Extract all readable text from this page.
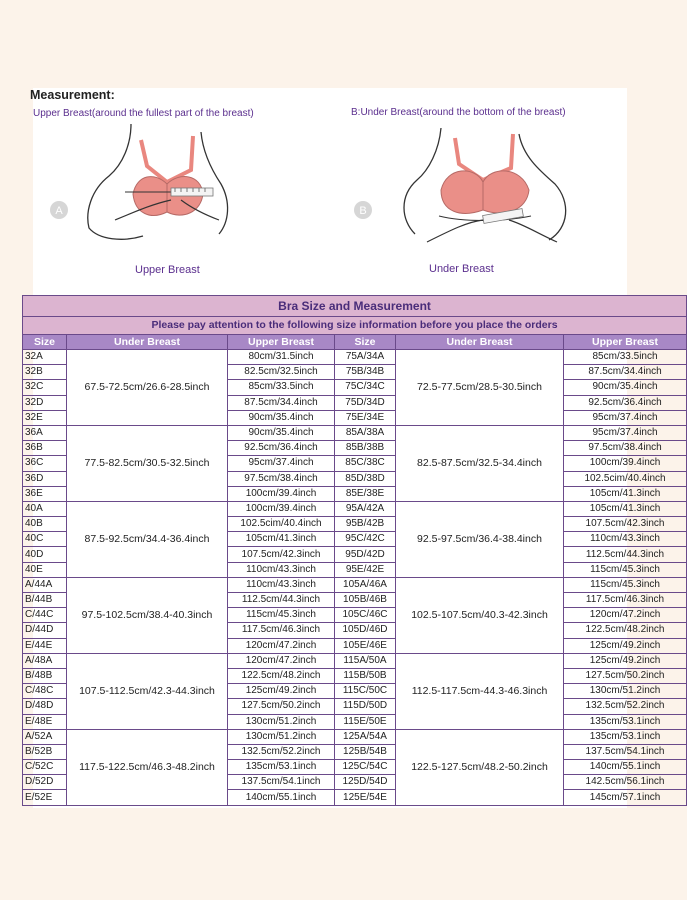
Measurement:
Upper Breast(around the fullest part of the breast)	B:Under Breast(around the bottom of the breast)
A	B
Upper Breast	Under Breast
Bra Size and Measurement					
Please pay attention to the following size information before you place the orders					
Size	Under Breast	Upper Breast	Size	Under Breast	Upper Breast
32A	67.5-72.5cm/26.6-28.5inch	80cm/31.5inch	75A/34A	72.5-77.5cm/28.5-30.5inch	85cm/33.5inch
32B		82.5cm/32.5inch	75B/34B		87.5cm/34.4inch
32C		85cm/33.5inch	75C/34C		90cm/35.4inch
32D		87.5cm/34.4inch	75D/34D		92.5cm/36.4inch
32E		90cm/35.4inch	75E/34E		95cm/37.4inch
36A	77.5-82.5cm/30.5-32.5inch	90cm/35.4inch	85A/38A	82.5-87.5cm/32.5-34.4inch	95cm/37.4inch
36B		92.5cm/36.4inch	85B/38B		97.5cm/38.4inch
36C		95cm/37.4inch	85C/38C		100cm/39.4inch
36D		97.5cm/38.4inch	85D/38D		102.5cim/40.4inch
36E		100cm/39.4inch	85E/38E		105cm/41.3inch
40A	87.5-92.5cm/34.4-36.4inch	100cm/39.4inch	95A/42A	92.5-97.5cm/36.4-38.4inch	105cm/41.3inch
40B		102.5cim/40.4inch	95B/42B		107.5cm/42.3inch
40C		105cm/41.3inch	95C/42C		110cm/43.3inch
40D		107.5cm/42.3inch	95D/42D		112.5cm/44.3inch
40E		110cm/43.3inch	95E/42E		115cm/45.3inch
A/44A	97.5-102.5cm/38.4-40.3inch	110cm/43.3inch	105A/46A	102.5-107.5cm/40.3-42.3inch	115cm/45.3inch
B/44B		112.5cm/44.3inch	105B/46B		117.5cm/46.3inch
C/44C		115cm/45.3inch	105C/46C		120cm/47.2inch
D/44D		117.5cm/46.3inch	105D/46D		122.5cm/48.2inch
E/44E		120cm/47.2inch	105E/46E		125cm/49.2inch
A/48A	107.5-112.5cm/42.3-44.3inch	120cm/47.2inch	115A/50A	112.5-117.5cm-44.3-46.3inch	125cm/49.2inch
B/48B		122.5cm/48.2inch	115B/50B		127.5cm/50.2inch
C/48C		125cm/49.2inch	115C/50C		130cm/51.2inch
D/48D		127.5cm/50.2inch	115D/50D		132.5cm/52.2inch
E/48E		130cm/51.2inch	115E/50E		135cm/53.1inch
A/52A	117.5-122.5cm/46.3-48.2inch	130cm/51.2inch	125A/54A	122.5-127.5cm/48.2-50.2inch	135cm/53.1inch
B/52B		132.5cm/52.2inch	125B/54B		137.5cm/54.1inch
C/52C		135cm/53.1inch	125C/54C		140cm/55.1inch
D/52D		137.5cm/54.1inch	125D/54D		142.5cm/56.1inch
E/52E		140cm/55.1inch	125E/54E		145cm/57.1inch
